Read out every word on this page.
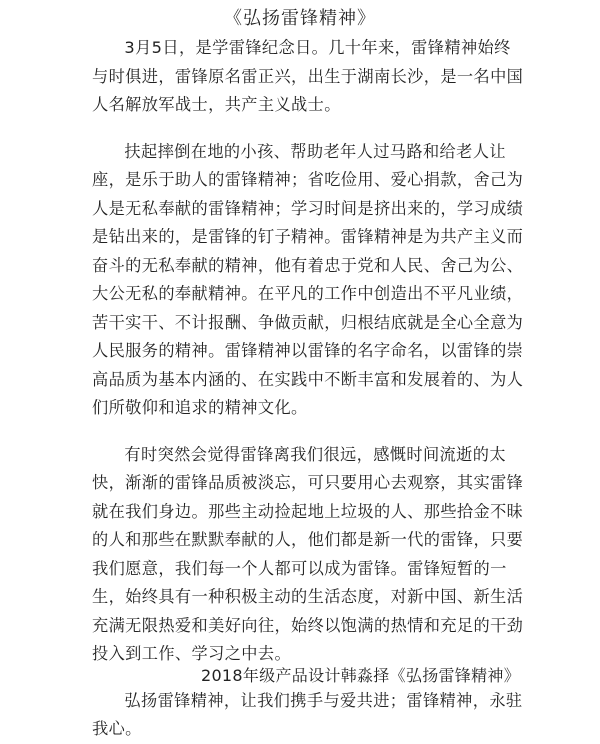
《弘扬雷锋精神》

3月5日，是学雷锋纪念日。几十年来，雷锋精神始终与时俱进，雷锋原名雷正兴，出生于湖南长沙，是一名中国人名解放军战士，共产主义战士。

扶起摔倒在地的小孩、帮助老年人过马路和给老人让座，是乐于助人的雷锋精神；省吃俭用、爱心捐款，舍己为人是无私奉献的雷锋精神；学习时间是挤出来的，学习成绩是钻出来的，是雷锋的钉子精神。雷锋精神是为共产主义而奋斗的无私奉献的精神，他有着忠于党和人民、舍己为公、大公无私的奉献精神。在平凡的工作中创造出不平凡业绩，苦干实干、不计报酬、争做贡献，归根结底就是全心全意为人民服务的精神。雷锋精神以雷锋的名字命名，以雷锋的崇高品质为基本内涵的、在实践中不断丰富和发展着的、为人们所敬仰和追求的精神文化。

有时突然会觉得雷锋离我们很远，感慨时间流逝的太快，渐渐的雷锋品质被淡忘，可只要用心去观察，其实雷锋就在我们身边。那些主动捡起地上垃圾的人、那些拾金不昧的人和那些在默默奉献的人，他们都是新一代的雷锋，只要我们愿意，我们每一个人都可以成为雷锋。雷锋短暂的一生，始终具有一种积极主动的生活态度，对新中国、新生活充满无限热爱和美好向往，始终以饱满的热情和充足的干劲投入到工作、学习之中去。

弘扬雷锋精神，让我们携手与爱共进；雷锋精神，永驻我心。

2018年级产品设计韩淼择《弘扬雷锋精神》
